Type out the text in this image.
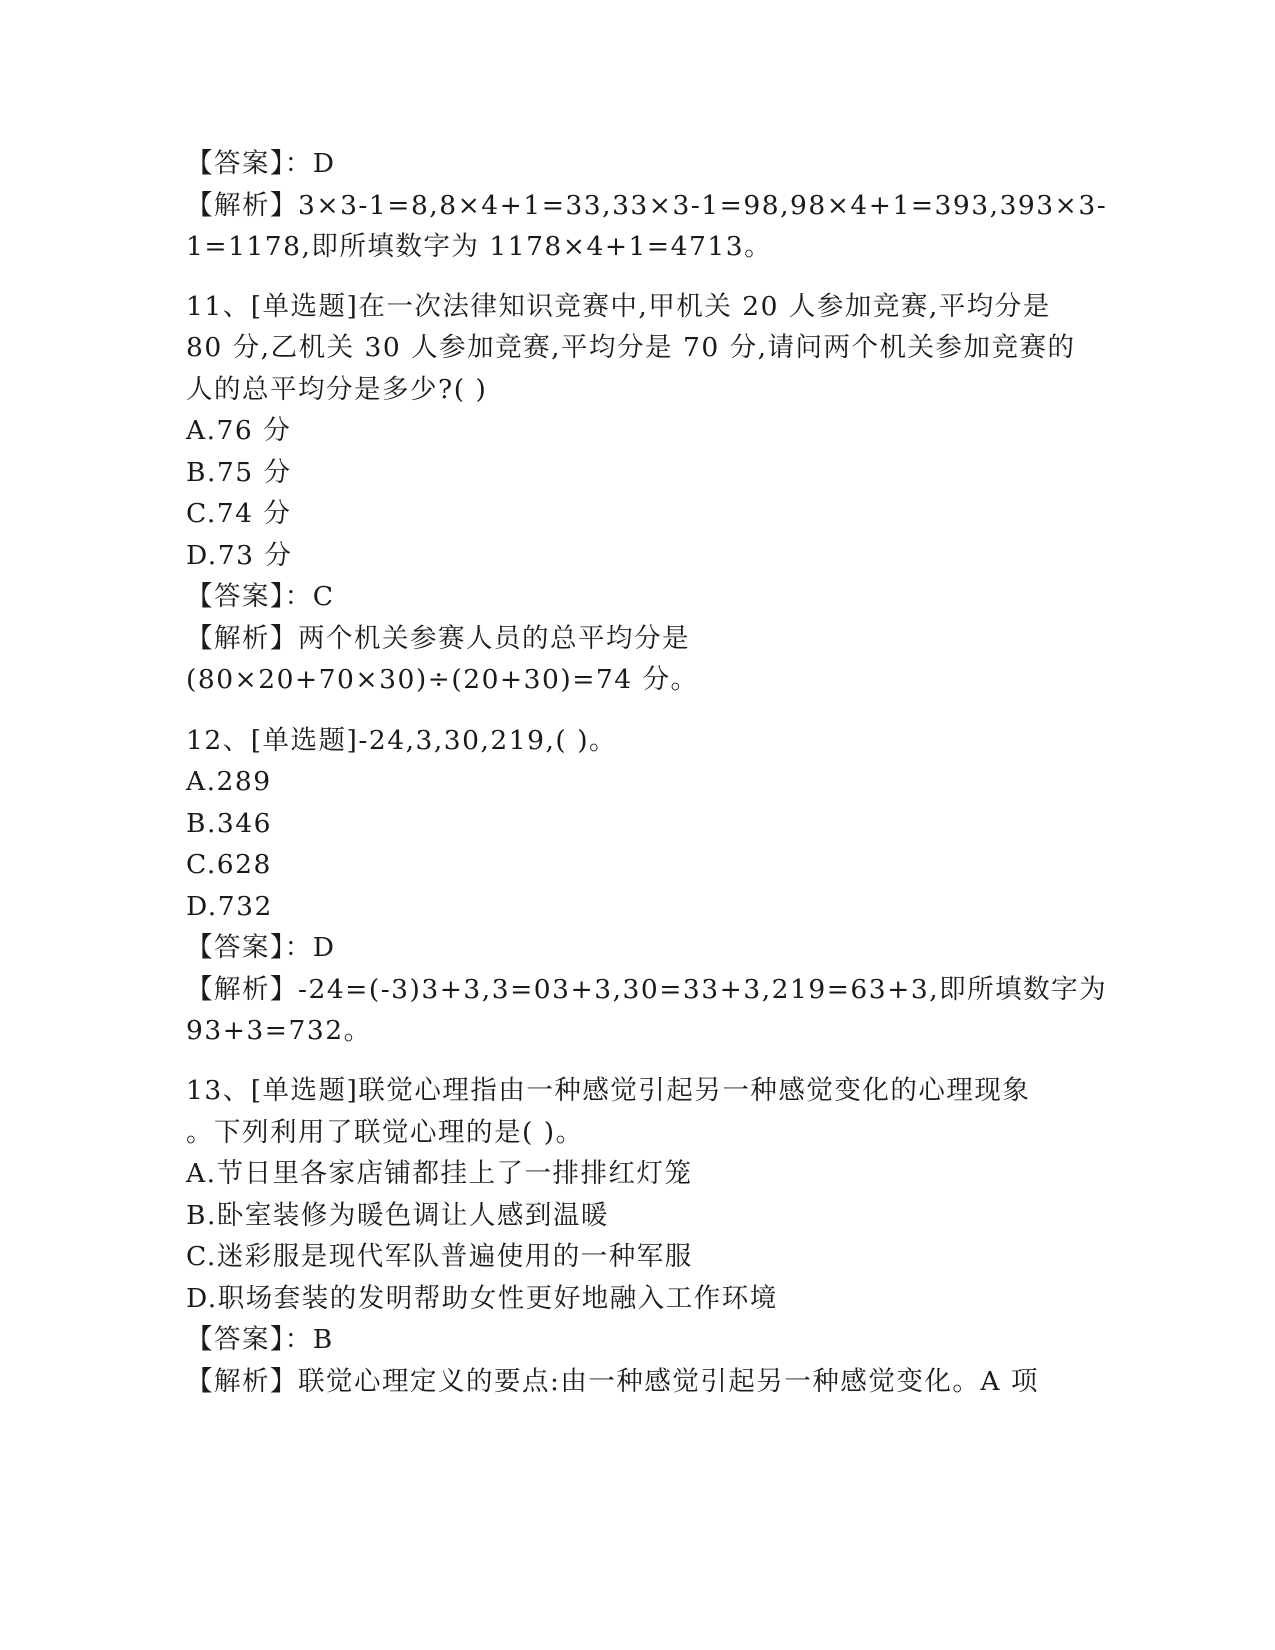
【答案】：D
【解析】3×3-1=8,8×4+1=33,33×3-1=98,98×4+1=393,393×3-
1=1178,即所填数字为 1178×4+1=4713。
11、[单选题]在一次法律知识竞赛中,甲机关 20 人参加竞赛,平均分是
80 分,乙机关 30 人参加竞赛,平均分是 70 分,请问两个机关参加竞赛的
人的总平均分是多少?( )
A.76 分
B.75 分
C.74 分
D.73 分
【答案】：C
【解析】两个机关参赛人员的总平均分是
(80×20+70×30)÷(20+30)=74 分。
12、[单选题]-24,3,30,219,( )。
A.289
B.346
C.628
D.732
【答案】：D
【解析】-24=(-3)3+3,3=03+3,30=33+3,219=63+3,即所填数字为
93+3=732。
13、[单选题]联觉心理指由一种感觉引起另一种感觉变化的心理现象
。下列利用了联觉心理的是( )。
A.节日里各家店铺都挂上了一排排红灯笼
B.卧室装修为暖色调让人感到温暖
C.迷彩服是现代军队普遍使用的一种军服
D.职场套装的发明帮助女性更好地融入工作环境
【答案】：B
【解析】联觉心理定义的要点:由一种感觉引起另一种感觉变化。A 项
